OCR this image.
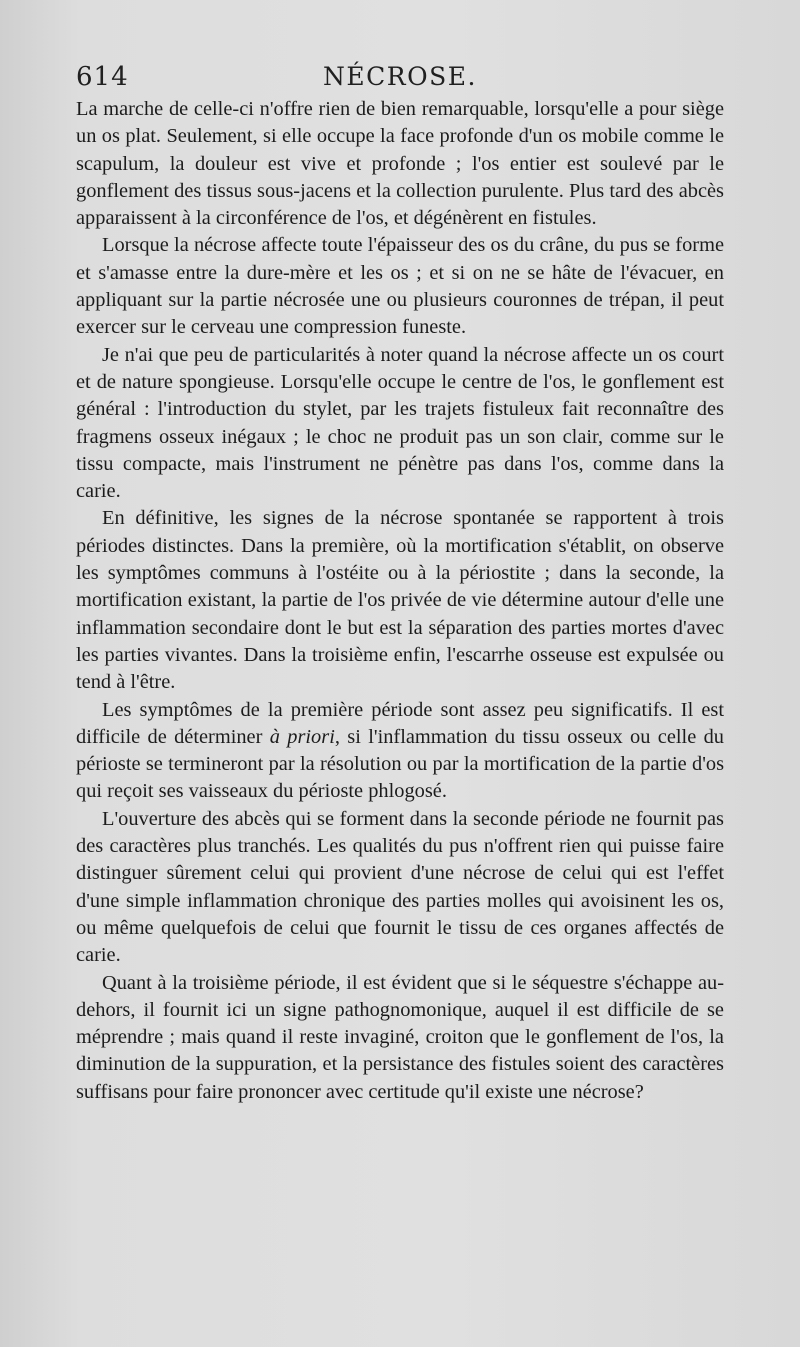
614	NÉCROSE.

La marche de celle-ci n'offre rien de bien remarquable, lorsqu'elle a pour siège un os plat. Seulement, si elle occupe la face profonde d'un os mobile comme le scapulum, la douleur est vive et profonde ; l'os entier est soulevé par le gonflement des tissus sous-jacens et la collection purulente. Plus tard des abcès apparaissent à la circonférence de l'os, et dégénèrent en fistules.

Lorsque la nécrose affecte toute l'épaisseur des os du crâne, du pus se forme et s'amasse entre la dure-mère et les os ; et si on ne se hâte de l'évacuer, en appliquant sur la partie nécrosée une ou plusieurs couronnes de trépan, il peut exercer sur le cerveau une compression funeste.

Je n'ai que peu de particularités à noter quand la nécrose affecte un os court et de nature spongieuse. Lorsqu'elle occupe le centre de l'os, le gonflement est général : l'introduction du stylet, par les trajets fistuleux fait reconnaître des fragmens osseux inégaux ; le choc ne produit pas un son clair, comme sur le tissu compacte, mais l'instrument ne pénètre pas dans l'os, comme dans la carie.

En définitive, les signes de la nécrose spontanée se rapportent à trois périodes distinctes. Dans la première, où la mortification s'établit, on observe les symptômes communs à l'ostéite ou à la périostite ; dans la seconde, la mortification existant, la partie de l'os privée de vie détermine autour d'elle une inflammation secondaire dont le but est la séparation des parties mortes d'avec les parties vivantes. Dans la troisième enfin, l'escarrhe osseuse est expulsée ou tend à l'être.

Les symptômes de la première période sont assez peu significatifs. Il est difficile de déterminer à priori, si l'inflammation du tissu osseux ou celle du périoste se termineront par la résolution ou par la mortification de la partie d'os qui reçoit ses vaisseaux du périoste phlogosé.

L'ouverture des abcès qui se forment dans la seconde période ne fournit pas des caractères plus tranchés. Les qualités du pus n'offrent rien qui puisse faire distinguer sûrement celui qui provient d'une nécrose de celui qui est l'effet d'une simple inflammation chronique des parties molles qui avoisinent les os, ou même quelquefois de celui que fournit le tissu de ces organes affectés de carie.

Quant à la troisième période, il est évident que si le séquestre s'échappe au-dehors, il fournit ici un signe pathognomonique, auquel il est difficile de se méprendre ; mais quand il reste invaginé, croiton que le gonflement de l'os, la diminution de la suppuration, et la persistance des fistules soient des caractères suffisans pour faire prononcer avec certitude qu'il existe une nécrose?
